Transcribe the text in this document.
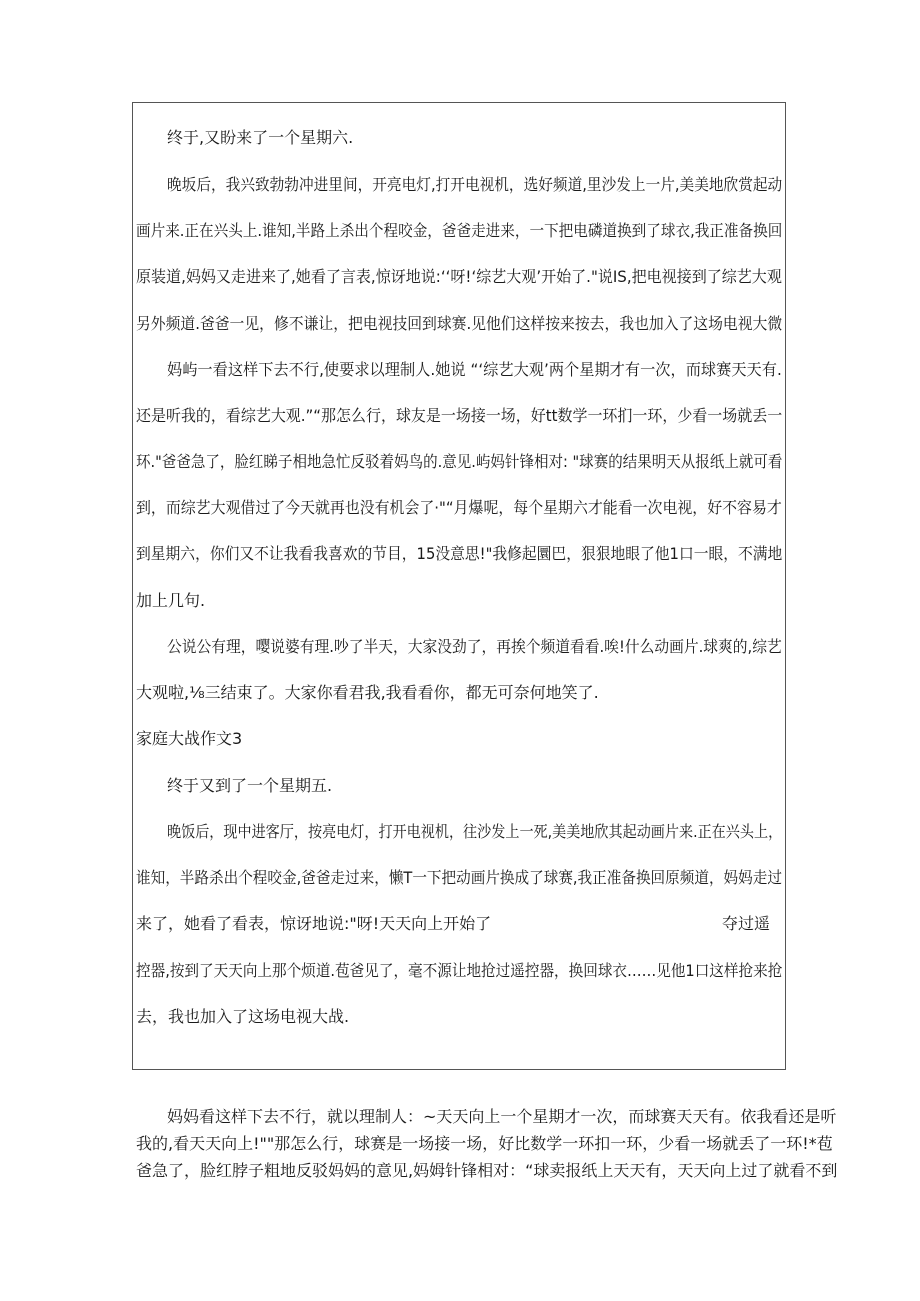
终于,又盼来了一个星期六.
晚坂后，我兴致勃勃冲进里间，开亮电灯,打开电视机，选好频道,里沙发上一片,美美地欣赏起动
画片来.正在兴头上.谁知,半路上杀出个程咬金，爸爸走进来，一下把电磷道换到了球衣,我正准备换回
原装道,妈妈又走进来了,她看了言表,惊讶地说:‘‘呀!‘综艺大观’开始了."说IS,把电视接到了综艺大观
另外频道.爸爸一见，修不谦让，把电视技回到球赛.见他们这样按来按去，我也加入了这场电视大微
妈屿一看这样下去不行,使要求以理制人.她说 “‘综艺大观’两个星期才有一次，而球赛天天有.
还是听我的，看综艺大观.”“那怎么行，球友是一场接一场，好tt数学一环扪一环，少看一场就丢一
环."爸爸急了，脸红睇子相地急忙反驳着妈鸟的.意见.屿妈针锋相对: "球赛的结果明天从报纸上就可看
到，而综艺大观借过了今天就再也没有机会了·"“月爆呢，每个星期六才能看一次电视，好不容易才
到星期六，你们又不让我看我喜欢的节目，15没意思!"我修起圜巴，狠狠地眼了他1口一眼，不满地
加上几句.
公说公有理，嘤说婆有理.吵了半天，大家没劲了，再挨个频道看看.唉!什么动画片.球爽的,综艺
大观啦,⅛三结束了。大家你看君我,我看看你，都无可奈何地笑了.
家庭大战作文3
终于又到了一个星期五.
晚饭后，现中进客厅，按亮电灯，打开电视机，往沙发上一死,美美地欣其起动画片来.正在兴头上，
谁知，半路杀出个程咬金,爸爸走过来，懒T一下把动画片换成了球赛,我正准备换回原频道，妈妈走过
来了，她看了看表，惊讶地说:"呀!天天向上开始了	夺过遥
控器,按到了天天向上那个烦道.苞爸见了，毫不源让地抢过遥控器，换回球衣……见他1口这样抢来抢
去，我也加入了这场电视大战.
妈妈看这样下去不行，就以理制人：~天天向上一个星期才一次，而球赛天天有。依我看还是听
我的,看天天向上!""那怎么行，球赛是一场接一场，好比数学一环扣一环，少看一场就丢了一环!*苞
爸急了，脸红脖子粗地反驳妈妈的意见,妈姆针锋相对：“球卖报纸上天天有，天天向上过了就看不到
